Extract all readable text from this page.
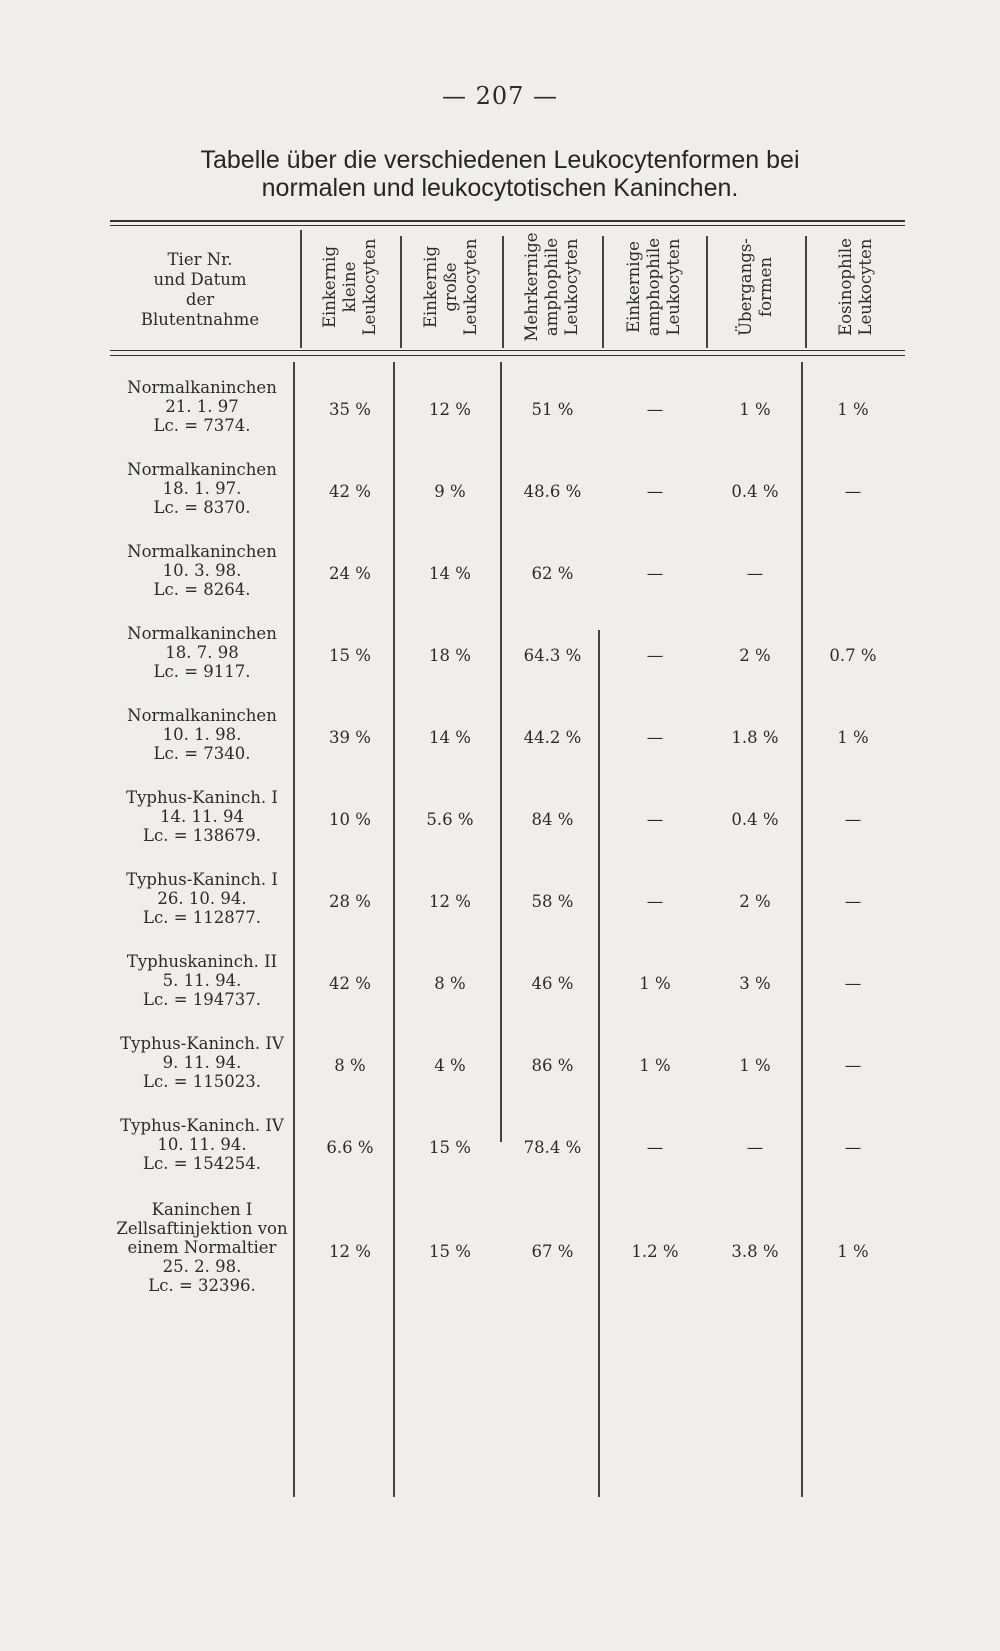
— 207 —
Tabelle über die verschiedenen Leukocytenformen bei
normalen und leukocytotischen Kaninchen.
Tier Nr.
und Datum
der
Blutentnahme	Einkernig kleine Leukocyten	Einkernig große Leukocyten	Mehrkernige amphophile Leukocyten	Einkernige amphophile Leukocyten	Übergangs- formen	Eosinophile Leukocyten
Normalkaninchen
21. 1. 97
Lc. = 7374.
35 %	12 %	51 %	—	1 %	1 %
Normalkaninchen
18. 1. 97.
Lc. = 8370.
42 %	9 %	48.6 %	—	0.4 %	—
Normalkaninchen
10. 3. 98.
Lc. = 8264.
24 %	14 %	62 %	—	—
Normalkaninchen
18. 7. 98
Lc. = 9117.
15 %	18 %	64.3 %	—	2 %	0.7 %
Normalkaninchen
10. 1. 98.
Lc. = 7340.
39 %	14 %	44.2 %	—	1.8 %	1 %
Typhus-Kaninch. I
14. 11. 94
Lc. = 138679.
10 %	5.6 %	84 %	—	0.4 %	—
Typhus-Kaninch. I
26. 10. 94.
Lc. = 112877.
28 %	12 %	58 %	—	2 %	—
Typhuskaninch. II
5. 11. 94.
Lc. = 194737.
42 %	8 %	46 %	1 %	3 %	—
Typhus-Kaninch. IV
9. 11. 94.
Lc. = 115023.
8 %	4 %	86 %	1 %	1 %	—
Typhus-Kaninch. IV
10. 11. 94.
Lc. = 154254.
6.6 %	15 %	78.4 %	—	—	—
Kaninchen I
Zellsaftinjektion von
einem Normaltier
25. 2. 98.
Lc. = 32396.
12 %	15 %	67 %	1.2 %	3.8 %	1 %
